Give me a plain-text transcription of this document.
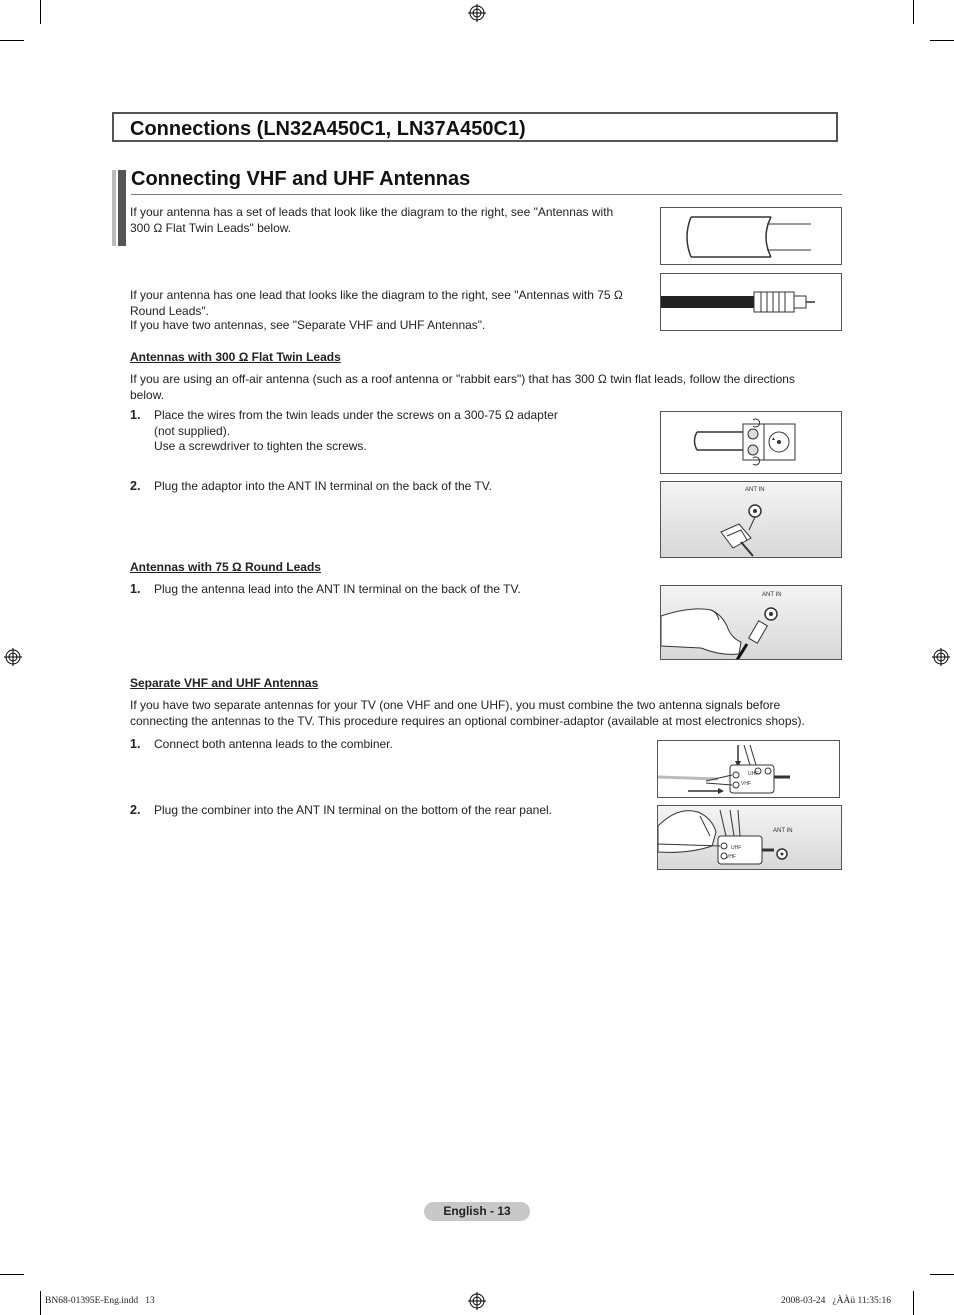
Connections (LN32A450C1, LN37A450C1)
Connecting VHF and UHF Antennas
If your antenna has a set of leads that look like the diagram to the right, see "Antennas with 300 Ω Flat Twin Leads" below.
If your antenna has one lead that looks like the diagram to the right, see "Antennas with 75 Ω Round Leads".
If you have two antennas, see "Separate VHF and UHF Antennas".
Antennas with 300 Ω Flat Twin Leads
If you are using an off-air antenna (such as a roof antenna or "rabbit ears") that has 300 Ω twin flat leads, follow the directions below.
1. Place the wires from the twin leads under the screws on a 300-75 Ω adapter
(not supplied).
Use a screwdriver to tighten the screws.
2. Plug the adaptor into the ANT IN terminal on the back of the TV.
▲
ANT IN
Antennas with 75 Ω Round Leads
1. Plug the antenna lead into the ANT IN terminal on the back of the TV.	ANT IN
Separate VHF and UHF Antennas
If you have two separate antennas for your TV (one VHF and one UHF), you must combine the two antenna signals before connecting the antennas to the TV. This procedure requires an optional combiner-adaptor (available at most electronics shops).
1. Connect both antenna leads to the combiner.
2. Plug the combiner into the ANT IN terminal on the bottom of the rear panel.
UHF
VHF
ANT IN
UHF
VHF
English - 13
BN68-01395E-Eng.indd   13	2008-03-24   ¿ÀÀü 11:35:16
